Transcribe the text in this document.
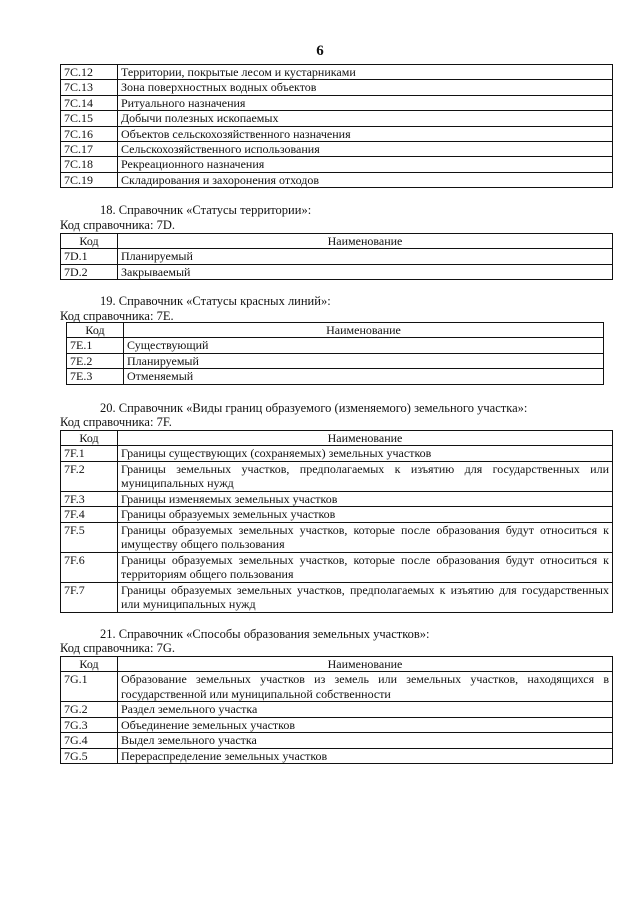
6
7C.12	Территории, покрытые лесом и кустарниками
7C.13	Зона поверхностных водных объектов
7C.14	Ритуального назначения
7C.15	Добычи полезных ископаемых
7C.16	Объектов сельскохозяйственного назначения
7C.17	Сельскохозяйственного использования
7C.18	Рекреационного назначения
7C.19	Складирования и захоронения отходов
18. Справочник «Статусы территории»:
Код справочника: 7D.
Код	Наименование
7D.1	Планируемый
7D.2	Закрываемый
19. Справочник «Статусы красных линий»:
Код справочника: 7E.
Код	Наименование
7E.1	Существующий
7E.2	Планируемый
7E.3	Отменяемый
20. Справочник «Виды границ образуемого (изменяемого) земельного участка»:
Код справочника: 7F.
Код	Наименование
7F.1	Границы существующих (сохраняемых) земельных участков
7F.2	Границы земельных участков, предполагаемых к изъятию для государственных или муниципальных нужд
7F.3	Границы изменяемых земельных участков
7F.4	Границы образуемых земельных участков
7F.5	Границы образуемых земельных участков, которые после образования будут относиться к имуществу общего пользования
7F.6	Границы образуемых земельных участков, которые после образования будут относиться к территориям общего пользования
7F.7	Границы образуемых земельных участков, предполагаемых к изъятию для государственных или муниципальных нужд
21. Справочник «Способы образования земельных участков»:
Код справочника: 7G.
Код	Наименование
7G.1	Образование земельных участков из земель или земельных участков, находящихся в государственной или муниципальной собственности
7G.2	Раздел земельного участка
7G.3	Объединение земельных участков
7G.4	Выдел земельного участка
7G.5	Перераспределение земельных участков
